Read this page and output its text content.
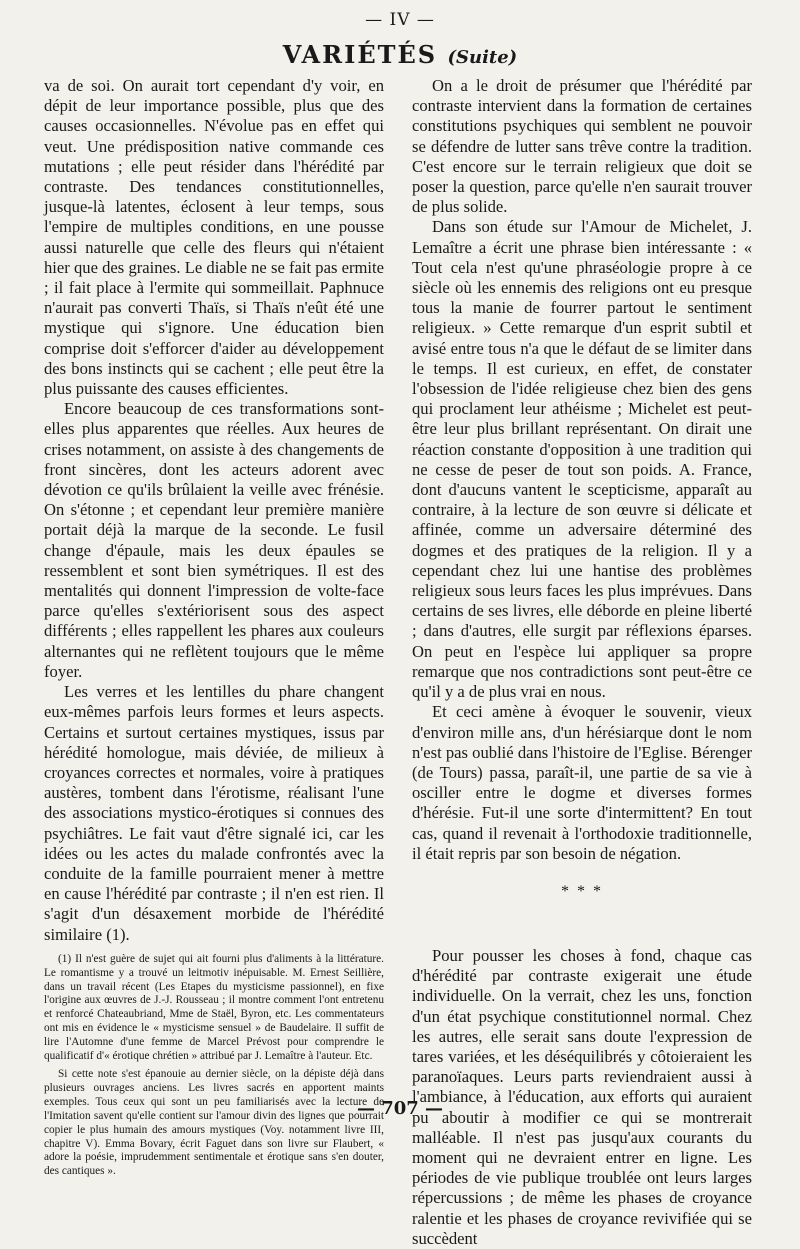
— IV —
VARIÉTÉS (Suite)

va de soi. On aurait tort cependant d'y voir, en dépit de leur importance possible, plus que des causes occasionnelles. N'évolue pas en effet qui veut. Une prédisposition native commande ces mutations ; elle peut résider dans l'hérédité par contraste. Des tendances constitutionnelles, jusque-là latentes, éclosent à leur temps, sous l'empire de multiples conditions, en une pousse aussi naturelle que celle des fleurs qui n'étaient hier que des graines. Le diable ne se fait pas ermite ; il fait place à l'ermite qui sommeillait. Paphnuce n'aurait pas converti Thaïs, si Thaïs n'eût été une mystique qui s'ignore. Une éducation bien comprise doit s'efforcer d'aider au développement des bons instincts qui se cachent ; elle peut être la plus puissante des causes efficientes.

Encore beaucoup de ces transformations sont-elles plus apparentes que réelles. Aux heures de crises notamment, on assiste à des changements de front sincères, dont les acteurs adorent avec dévotion ce qu'ils brûlaient la veille avec frénésie. On s'étonne ; et cependant leur première manière portait déjà la marque de la seconde. Le fusil change d'épaule, mais les deux épaules se ressemblent et sont bien symétriques. Il est des mentalités qui donnent l'impression de volte-face parce qu'elles s'extériorisent sous des aspect différents ; elles rappellent les phares aux couleurs alternantes qui ne reflètent toujours que le même foyer.

Les verres et les lentilles du phare changent eux-mêmes parfois leurs formes et leurs aspects. Certains et surtout certaines mystiques, issus par hérédité homologue, mais déviée, de milieux à croyances correctes et normales, voire à pratiques austères, tombent dans l'érotisme, réalisant l'une des associations mystico-érotiques si connues des psychiâtres. Le fait vaut d'être signalé ici, car les idées ou les actes du malade confrontés avec la conduite de la famille pourraient mener à mettre en cause l'hérédité par contraste ; il n'en est rien. Il s'agit d'un désaxement morbide de l'hérédité similaire (1).

(1) Il n'est guère de sujet qui ait fourni plus d'aliments à la littérature. Le romantisme y a trouvé un leitmotiv inépuisable. M. Ernest Seillière, dans un travail récent (Les Etapes du mysticisme passionnel), en fixe l'origine aux œuvres de J.-J. Rousseau ; il montre comment l'ont entretenu et renforcé Chateaubriand, Mme de Staël, Byron, etc. Les commentateurs ont mis en évidence le « mysticisme sensuel » de Baudelaire. Il suffit de lire l'Automne d'une femme de Marcel Prévost pour comprendre le qualificatif d'« érotique chrétien » attribué par J. Lemaître à l'auteur. Etc.

Si cette note s'est épanouie au dernier siècle, on la dépiste déjà dans plusieurs ouvrages anciens. Les livres sacrés en apportent maints exemples. Tous ceux qui sont un peu familiarisés avec la lecture de l'Imitation savent qu'elle contient sur l'amour divin des lignes que pourrait copier le plus humain des amours mystiques (Voy. notamment livre III, chapitre V). Emma Bovary, écrit Faguet dans son livre sur Flaubert, « adore la poésie, imprudemment sentimentale et érotique sans s'en douter, des cantiques ».

On a le droit de présumer que l'hérédité par contraste intervient dans la formation de certaines constitutions psychiques qui semblent ne pouvoir se défendre de lutter sans trêve contre la tradition. C'est encore sur le terrain religieux que doit se poser la question, parce qu'elle n'en saurait trouver de plus solide.

Dans son étude sur l'Amour de Michelet, J. Lemaître a écrit une phrase bien intéressante : « Tout cela n'est qu'une phraséologie propre à ce siècle où les ennemis des religions ont eu presque tous la manie de fourrer partout le sentiment religieux. » Cette remarque d'un esprit subtil et avisé entre tous n'a que le défaut de se limiter dans le temps. Il est curieux, en effet, de constater l'obsession de l'idée religieuse chez bien des gens qui proclament leur athéisme ; Michelet est peut-être leur plus brillant représentant. On dirait une réaction constante d'opposition à une tradition qui ne cesse de peser de tout son poids. A. France, dont d'aucuns vantent le scepticisme, apparaît au contraire, à la lecture de son œuvre si délicate et affinée, comme un adversaire déterminé des dogmes et des pratiques de la religion. Il y a cependant chez lui une hantise des problèmes religieux sous leurs faces les plus imprévues. Dans certains de ses livres, elle déborde en pleine liberté ; dans d'autres, elle surgit par réflexions éparses. On peut en l'espèce lui appliquer sa propre remarque que nos contradictions sont peut-être ce qu'il y a de plus vrai en nous.

Et ceci amène à évoquer le souvenir, vieux d'environ mille ans, d'un hérésiarque dont le nom n'est pas oublié dans l'histoire de l'Eglise. Bérenger (de Tours) passa, paraît-il, une partie de sa vie à osciller entre le dogme et diverses formes d'hérésie. Fut-il une sorte d'intermittent? En tout cas, quand il revenait à l'orthodoxie traditionnelle, il était repris par son besoin de négation.

* * *

Pour pousser les choses à fond, chaque cas d'hérédité par contraste exigerait une étude individuelle. On la verrait, chez les uns, fonction d'un état psychique constitutionnel normal. Chez les autres, elle serait sans doute l'expression de tares variées, et les déséquilibrés y côtoieraient les paranoïaques. Leurs parts reviendraient aussi à l'ambiance, à l'éducation, aux efforts qui auraient pu aboutir à modifier ce qui se montrerait malléable. Il n'est pas jusqu'aux courants du moment qui ne devraient entrer en ligne. Les périodes de vie publique troublée ont leurs larges répercussions ; de même les phases de croyance ralentie et les phases de croyance revivifiée qui se succèdent

— 707 —
